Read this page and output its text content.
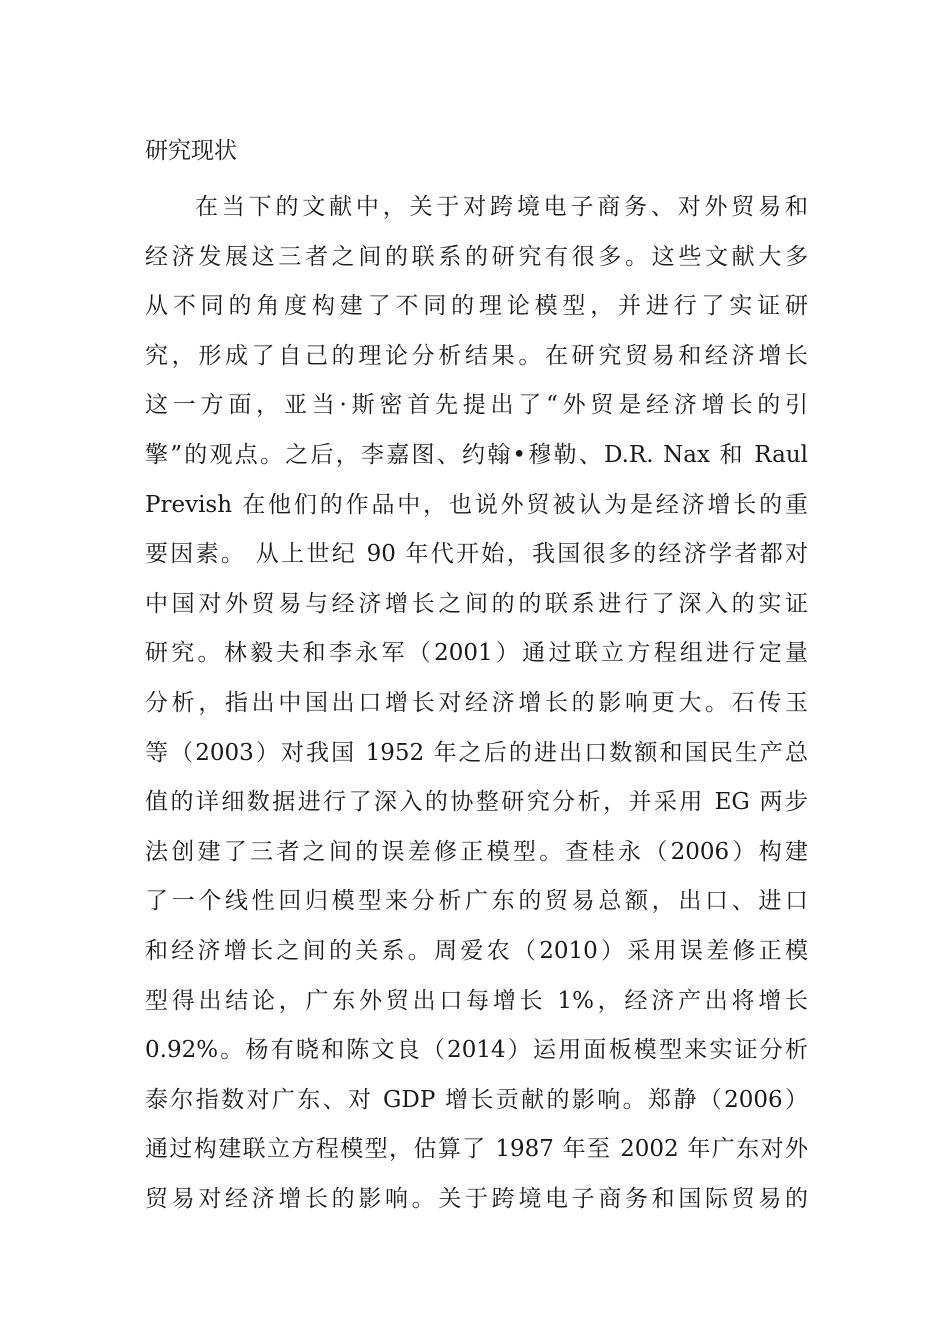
研究现状
在当下的文献中，关于对跨境电子商务、对外贸易和
经济发展这三者之间的联系的研究有很多。这些文献大多
从不同的角度构建了不同的理论模型，并进行了实证研
究，形成了自己的理论分析结果。在研究贸易和经济增长
这一方面，亚当·斯密首先提出了“外贸是经济增长的引
擎”的观点。之后，李嘉图、约翰•穆勒、D.R. Nax 和 Raul
Prevish 在他们的作品中，也说外贸被认为是经济增长的重
要因素。 从上世纪 90 年代开始，我国很多的经济学者都对
中国对外贸易与经济增长之间的的联系进行了深入的实证
研究。林毅夫和李永军（2001）通过联立方程组进行定量
分析，指出中国出口增长对经济增长的影响更大。石传玉
等（2003）对我国 1952 年之后的进出口数额和国民生产总
值的详细数据进行了深入的协整研究分析，并采用 EG 两步
法创建了三者之间的误差修正模型。查桂永（2006）构建
了一个线性回归模型来分析广东的贸易总额，出口、进口
和经济增长之间的关系。周爱农（2010）采用误差修正模
型得出结论，广东外贸出口每增长 1%，经济产出将增长
0.92%。杨有晓和陈文良（2014）运用面板模型来实证分析
泰尔指数对广东、对 GDP 增长贡献的影响。郑静（2006）
通过构建联立方程模型，估算了 1987 年至 2002 年广东对外
贸易对经济增长的影响。关于跨境电子商务和国际贸易的
